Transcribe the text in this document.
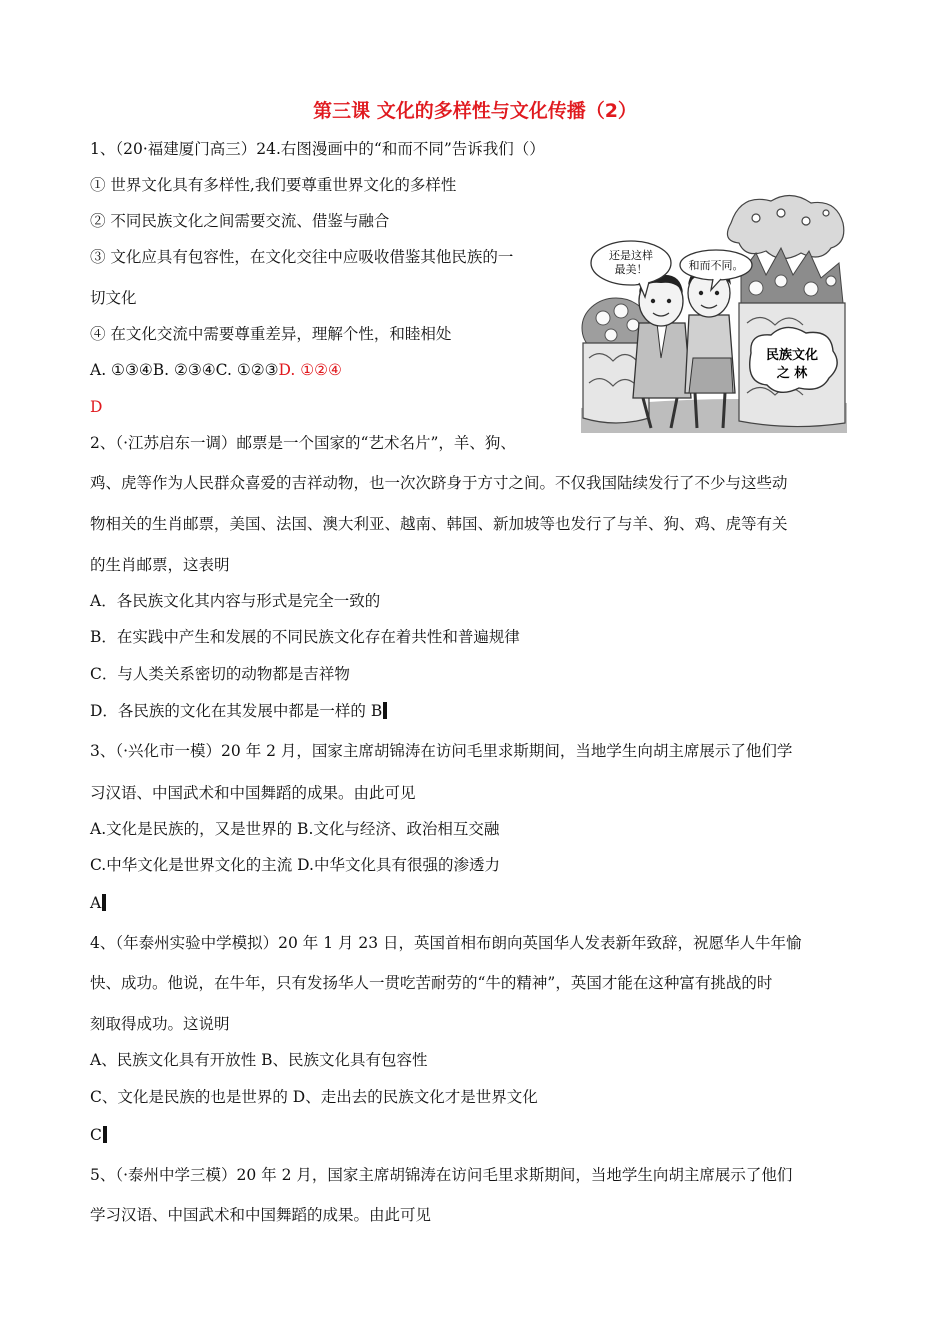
第三课 文化的多样性与文化传播（2）
1、（20·福建厦门高三）24.右图漫画中的“和而不同”告诉我们（）
① 世界文化具有多样性,我们要尊重世界文化的多样性
② 不同民族文化之间需要交流、借鉴与融合
③ 文化应具有包容性，在文化交往中应吸收借鉴其他民族的一
切文化
④ 在文化交流中需要尊重差异，理解个性，和睦相处
A. ①③④B. ②③④C. ①②③D. ①②④
D
还是这样
最美！	和而不同。
民族文化
之 林
2、（·江苏启东一调）邮票是一个国家的“艺术名片”，羊、狗、
鸡、虎等作为人民群众喜爱的吉祥动物，也一次次跻身于方寸之间。不仅我国陆续发行了不少与这些动
物相关的生肖邮票，美国、法国、澳大利亚、越南、韩国、新加坡等也发行了与羊、狗、鸡、虎等有关
的生肖邮票，这表明
A．各民族文化其内容与形式是完全一致的
B．在实践中产生和发展的不同民族文化存在着共性和普遍规律
C．与人类关系密切的动物都是吉祥物
D．各民族的文化在其发展中都是一样的 B
3、（·兴化市一模）20 年 2 月，国家主席胡锦涛在访问毛里求斯期间，当地学生向胡主席展示了他们学
习汉语、中国武术和中国舞蹈的成果。由此可见
A.文化是民族的，又是世界的 B.文化与经济、政治相互交融
C.中华文化是世界文化的主流 D.中华文化具有很强的渗透力
A
4、（年泰州实验中学模拟）20 年 1 月 23 日，英国首相布朗向英国华人发表新年致辞，祝愿华人牛年愉
快、成功。他说，在牛年，只有发扬华人一贯吃苦耐劳的“牛的精神”，英国才能在这种富有挑战的时
刻取得成功。这说明
A、民族文化具有开放性 B、民族文化具有包容性
C、文化是民族的也是世界的 D、走出去的民族文化才是世界文化
C
5、（·泰州中学三模）20 年 2 月，国家主席胡锦涛在访问毛里求斯期间，当地学生向胡主席展示了他们
学习汉语、中国武术和中国舞蹈的成果。由此可见
